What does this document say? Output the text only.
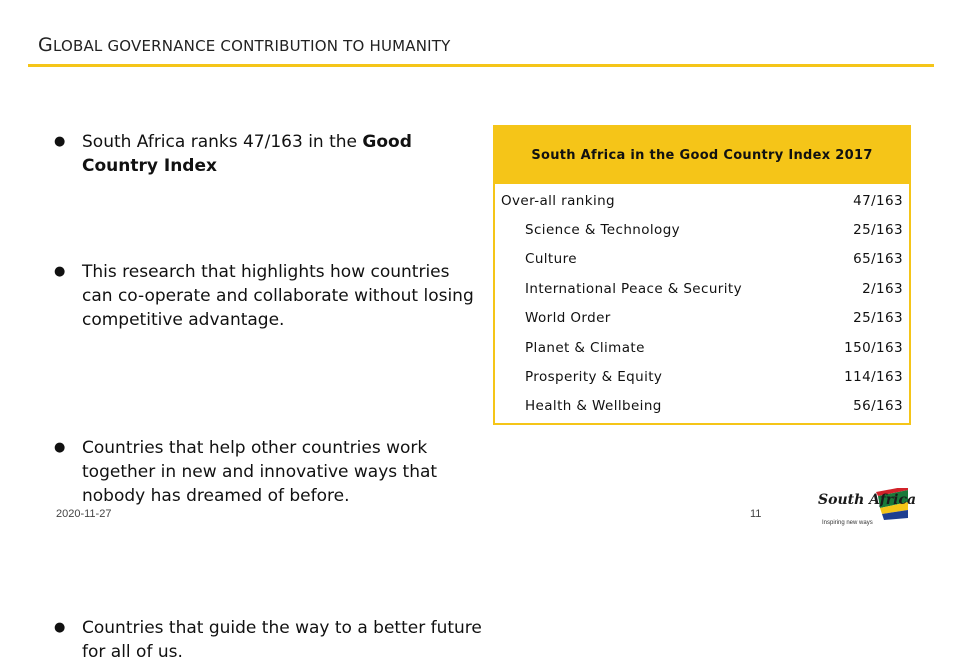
GLOBAL GOVERNANCE CONTRIBUTION TO HUMANITY
● South Africa ranks 47/163 in the Good Country Index
● This research that highlights how countries can co-operate and collaborate without losing competitive advantage.
● Countries that help other countries work together in new and innovative ways that nobody has dreamed of before.
● Countries that guide the way to a better future for all of us.
South Africa in the Good Country Index 2017
Over-all ranking	47/163
Science & Technology	25/163
Culture	65/163
International Peace & Security	2/163
World Order	25/163
Planet & Climate	150/163
Prosperity & Equity	114/163
Health & Wellbeing	56/163
2020-11-27	11
South Africa
Inspiring new ways
